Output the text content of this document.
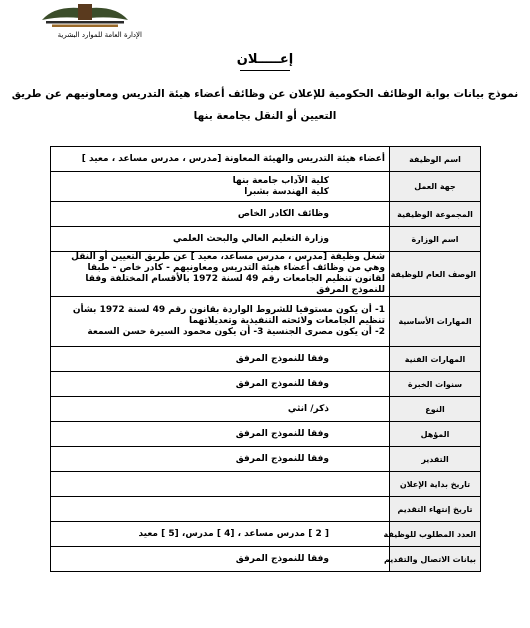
الإدارة العامة للموارد البشرية
إعـــــلان
نموذج بيانات بوابة الوظائف الحكومية للإعلان عن وظائف أعضاء هيئة التدريس ومعاونيهم عن طريق
التعيين أو النقل بجامعة بنها
اسم الوظيفة	أعضاء هيئة التدريس والهيئة المعاونة [مدرس ، مدرس مساعد ، معيد ]

جهة العمل	كلية الآداب جامعة بنها
كلية الهندسة بشبرا

المجموعة الوظيفية	وظائف الكادر الخاص

اسم الوزارة	وزارة التعليم العالي والبحث العلمي

الوصف العام للوظيفة	شغل وظيفة [مدرس ، مدرس مساعد، معيد ] عن طريق التعيين أو النقل وهي من وظائف أعضاء هيئة التدريس ومعاونيهم - كادر خاص - طبقا لقانون تنظيم الجامعات رقم 49 لسنة 1972 بالأقسام المختلفة وفقا للنموذج المرفق

المهارات الأساسية	1- أن يكون مستوفيا للشروط الواردة بقانون رقم 49 لسنة 1972 بشأن تنظيم الجامعات ولائحته التنفيذية وتعديلاتهما
2- أن يكون مصرى الجنسية 3- أن يكون محمود السيرة حسن السمعة

المهارات الفنية	وفقا للنموذج المرفق

سنوات الخبرة	وفقا للنموذج المرفق

النوع	ذكر/ انثي

المؤهل	وفقا للنموذج المرفق

التقدير	وفقا للنموذج المرفق

تاريخ بداية الإعلان	
تاريخ إنتهاء التقديم	
العدد المطلوب للوظيفة	[ 2 ] مدرس مساعد ، [4 ] مدرس، [5 ] معيد

بيانات الاتصال والتقديم	وفقا للنموذج المرفق
